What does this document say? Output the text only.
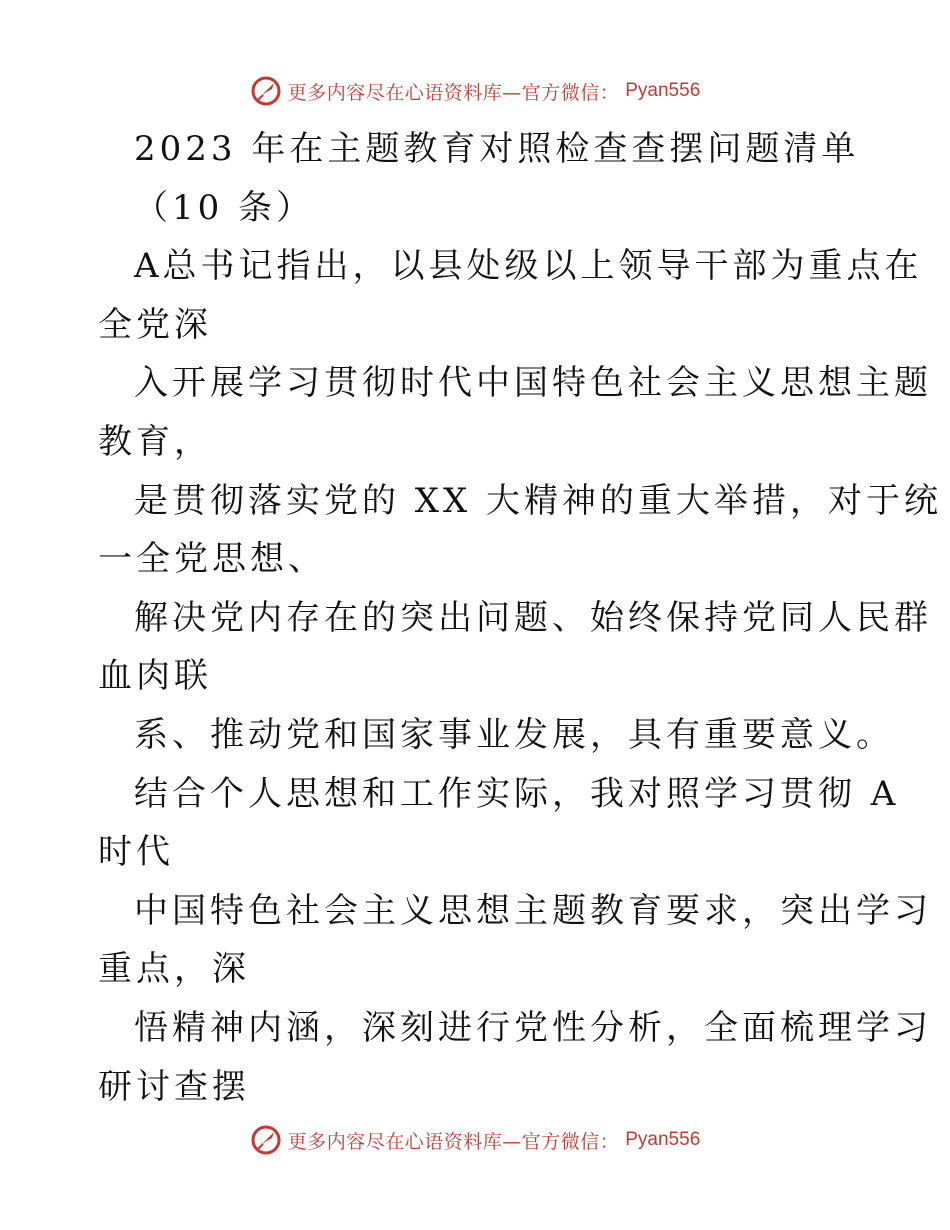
更多内容尽在心语资料库—官方微信： Pyan556
2023 年在主题教育对照检查查摆问题清单
（10 条）
A总书记指出，以县处级以上领导干部为重点在
全党深
入开展学习贯彻时代中国特色社会主义思想主题
教育，
是贯彻落实党的 XX 大精神的重大举措，对于统
一全党思想、
解决党内存在的突出问题、始终保持党同人民群
血肉联
系、推动党和国家事业发展，具有重要意义。
结合个人思想和工作实际，我对照学习贯彻 A
时代
中国特色社会主义思想主题教育要求，突出学习
重点，深
悟精神内涵，深刻进行党性分析，全面梳理学习
研讨查摆
更多内容尽在心语资料库—官方微信： Pyan556
